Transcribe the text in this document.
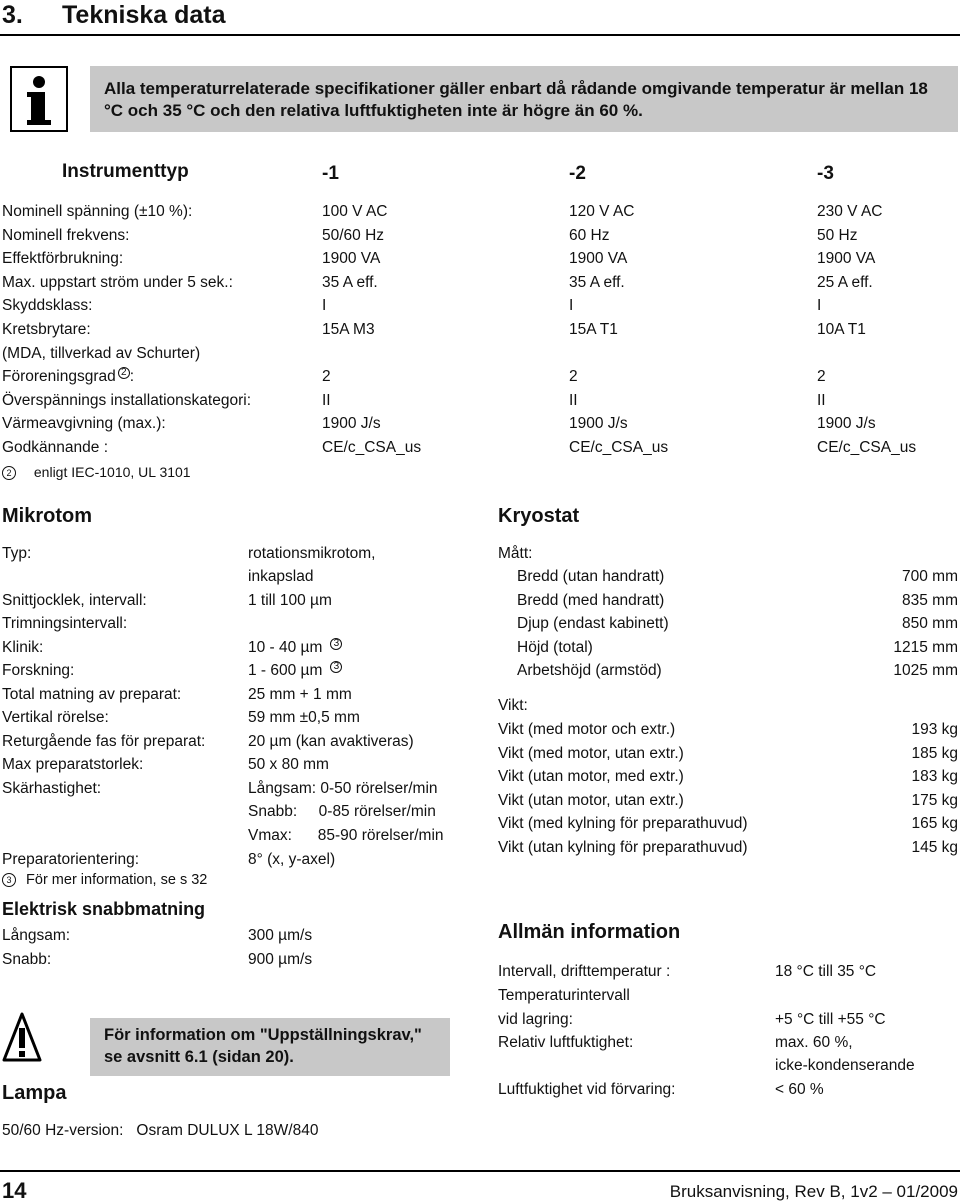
3. Tekniska data
Alla temperaturrelaterade specifikationer gäller enbart då rådande omgivande temperatur är mellan 18 °C och 35 °C och den relativa luftfuktigheten inte är högre än 60 %.
Instrumenttyp	-1	-2	-3
Nominell spänning (±10 %):	100 V AC	120 V AC	230 V AC
Nominell frekvens:	50/60 Hz	60 Hz	50 Hz
Effektförbrukning:	1900 VA	1900 VA	1900 VA
Max. uppstart ström under 5 sek.:	35 A eff.	35 A eff.	25 A eff.
Skyddsklass:	I	I	I
Kretsbrytare:	15A M3	15A T1	10A T1
(MDA, tillverkad av Schurter)
Föroreningsgrad 2 :	2	2	2
Överspännings installationskategori:	II	II	II
Värmeavgivning (max.):	1900 J/s	1900 J/s	1900 J/s
Godkännande :	CE/c_CSA_us	CE/c_CSA_us	CE/c_CSA_us
2 enligt IEC-1010, UL 3101
Mikrotom
Typ:	rotationsmikrotom,
inkapslad
Snittjocklek, intervall:	1 till 100 µm
Trimningsintervall:
Klinik:	10 - 40 µm 3
Forskning:	1 - 600 µm 3
Total matning av preparat:	25 mm + 1 mm
Vertikal rörelse:	59 mm ±0,5 mm
Returgående fas för preparat:	20 µm (kan avaktiveras)
Max preparatstorlek:	50 x 80 mm
Skärhastighet:	Långsam: 0-50 rörelser/min
Snabb:     0-85 rörelser/min
Vmax:      85-90 rörelser/min
Preparatorientering:	8° (x, y-axel)
3 För mer information, se s 32
Elektrisk snabbmatning
Långsam:	300 µm/s
Snabb:	900 µm/s
För information om "Uppställningskrav," se avsnitt 6.1 (sidan 20).
Lampa
50/60 Hz-version:   Osram DULUX L 18W/840
Kryostat
Mått:
Bredd (utan handratt)	700 mm
Bredd (med handratt)	835 mm
Djup (endast kabinett)	850 mm
Höjd (total)	1215 mm
Arbetshöjd (armstöd)	1025 mm
Vikt:
Vikt (med motor och extr.)	193 kg
Vikt (med motor, utan extr.)	185 kg
Vikt (utan motor, med extr.)	183 kg
Vikt (utan motor, utan extr.)	175 kg
Vikt (med kylning för preparathuvud)	165 kg
Vikt (utan kylning för preparathuvud)	145 kg
Allmän information
Intervall, drifttemperatur :	18 °C till 35 °C
Temperaturintervall
vid lagring:	+5 °C till +55 °C
Relativ luftfuktighet:	max. 60 %,
icke-kondenserande
Luftfuktighet vid förvaring:	< 60 %
14	Bruksanvisning, Rev B, 1v2 – 01/2009
